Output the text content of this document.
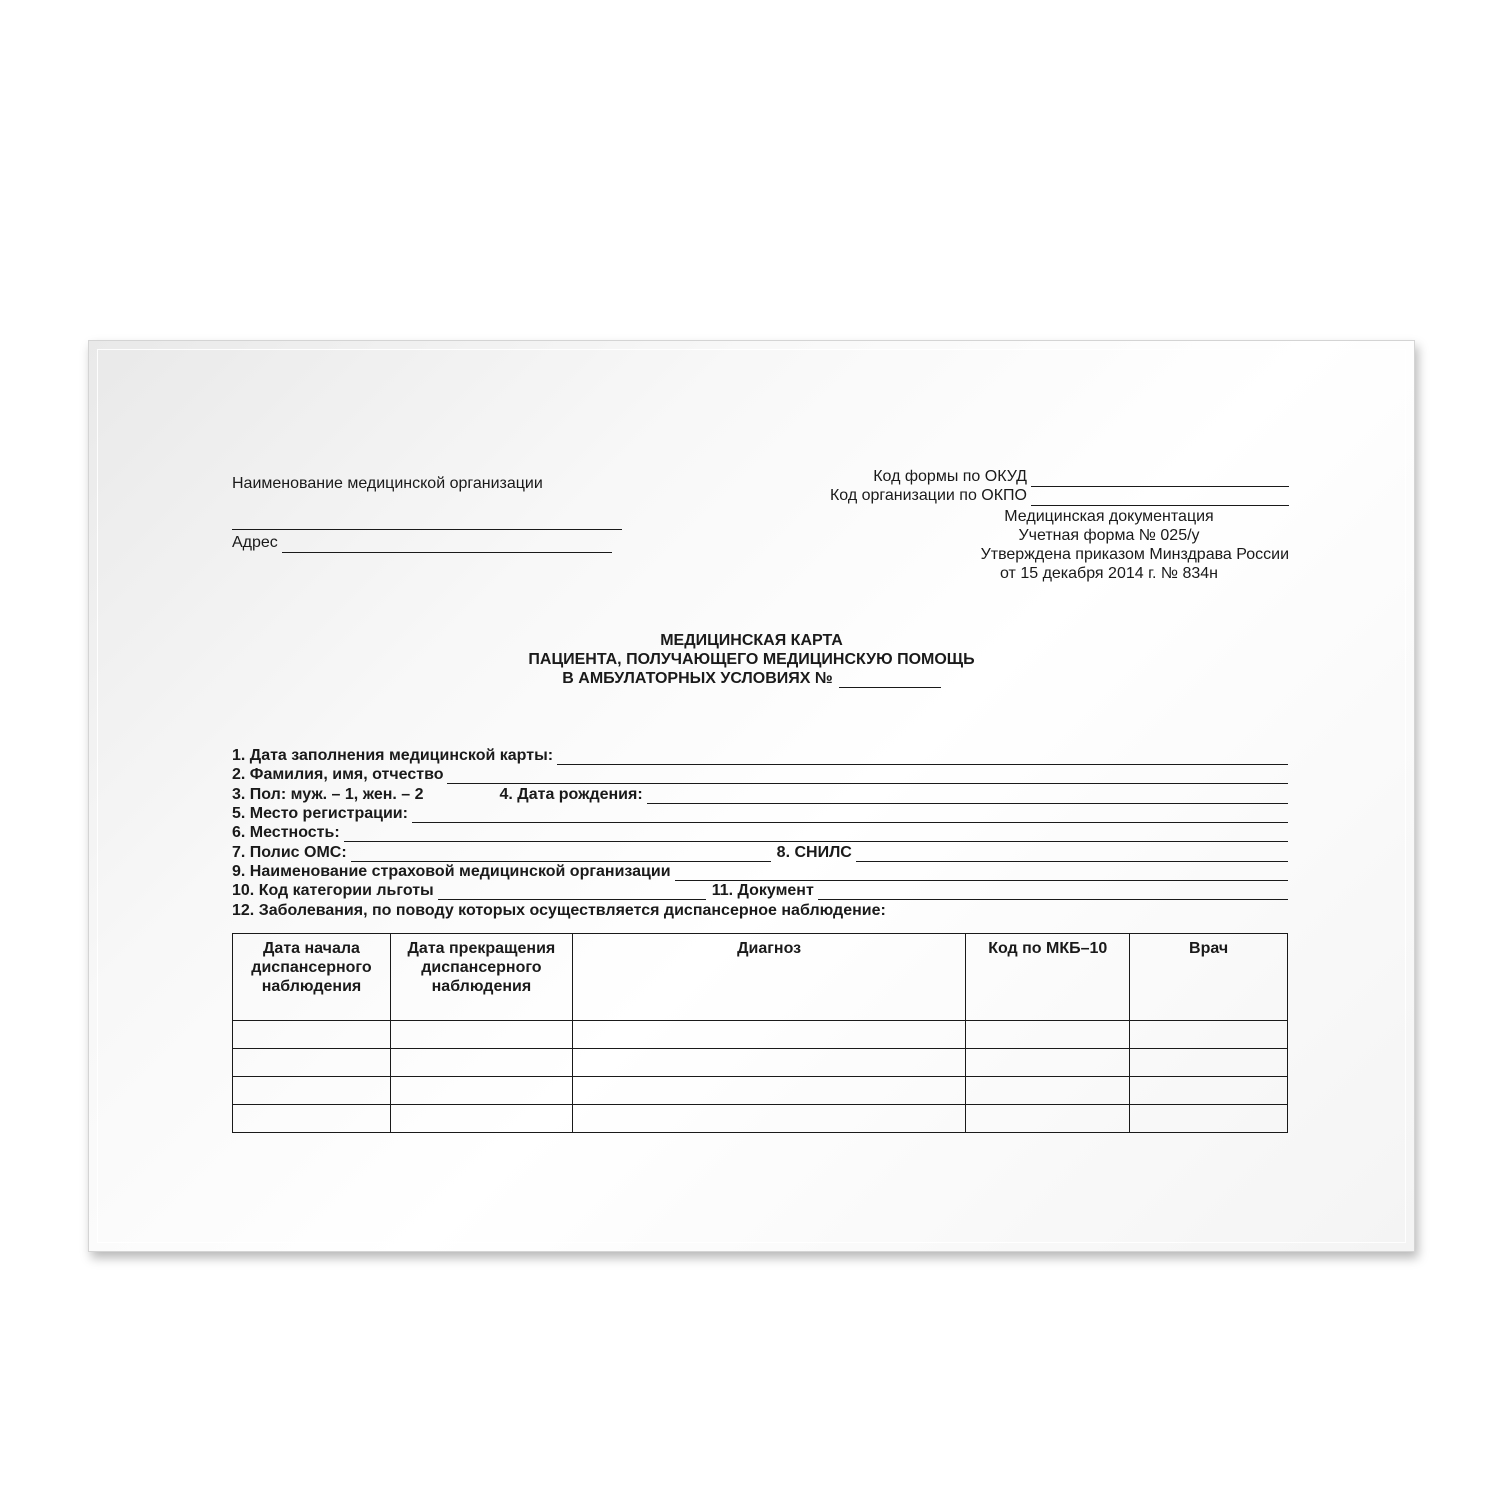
Наименование медицинской организации
Адрес
Код формы по ОКУД
Код организации по ОКПО
Медицинская документация
Учетная форма № 025/у
Утверждена приказом Минздрава России
от 15 декабря 2014 г. № 834н
МЕДИЦИНСКАЯ КАРТА
ПАЦИЕНТА, ПОЛУЧАЮЩЕГО МЕДИЦИНСКУЮ ПОМОЩЬ
В АМБУЛАТОРНЫХ УСЛОВИЯХ №
1. Дата заполнения медицинской карты:
2. Фамилия, имя, отчество
3. Пол: муж. – 1, жен. – 2	4. Дата рождения:
5. Место регистрации:
6. Местность:
7. Полис ОМС:	8. СНИЛС
9. Наименование страховой медицинской организации
10. Код категории льготы	11. Документ
12. Заболевания, по поводу которых осуществляется диспансерное наблюдение:
Дата начала диспансерного наблюдения	Дата прекращения диспансерного наблюдения	Диагноз	Код по МКБ–10	Врач
